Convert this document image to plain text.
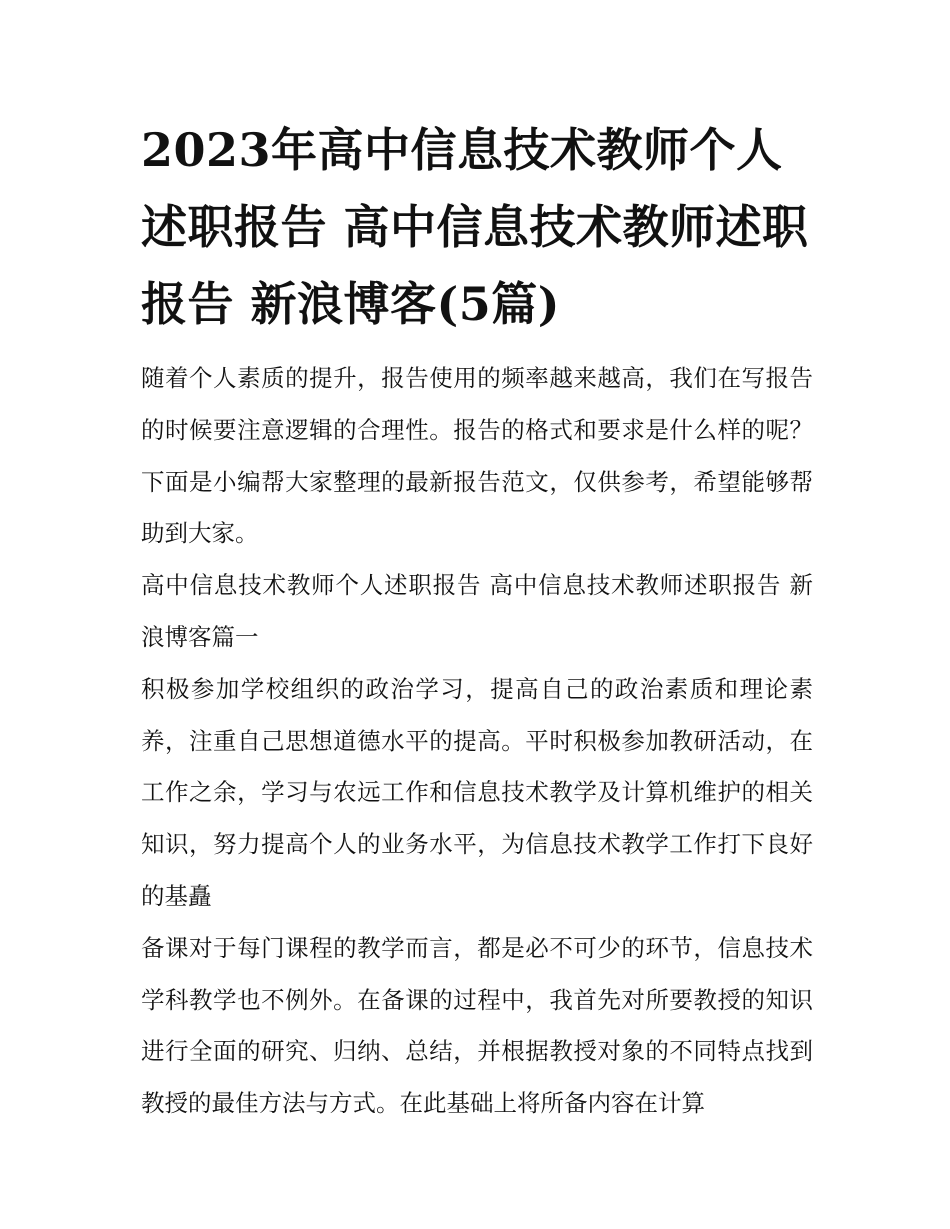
2023年高中信息技术教师个人述职报告 高中信息技术教师述职报告 新浪博客(5篇)

随着个人素质的提升，报告使用的频率越来越高，我们在写报告的时候要注意逻辑的合理性。报告的格式和要求是什么样的呢？下面是小编帮大家整理的最新报告范文，仅供参考，希望能够帮助到大家。

高中信息技术教师个人述职报告 高中信息技术教师述职报告 新浪博客篇一

积极参加学校组织的政治学习，提高自己的政治素质和理论素养，注重自己思想道德水平的提高。平时积极参加教研活动，在工作之余，学习与农远工作和信息技术教学及计算机维护的相关知识，努力提高个人的业务水平，为信息技术教学工作打下良好的基矗

备课对于每门课程的教学而言，都是必不可少的环节，信息技术学科教学也不例外。在备课的过程中，我首先对所要教授的知识进行全面的研究、归纳、总结，并根据教授对象的不同特点找到教授的最佳方法与方式。在此基础上将所备内容在计算
